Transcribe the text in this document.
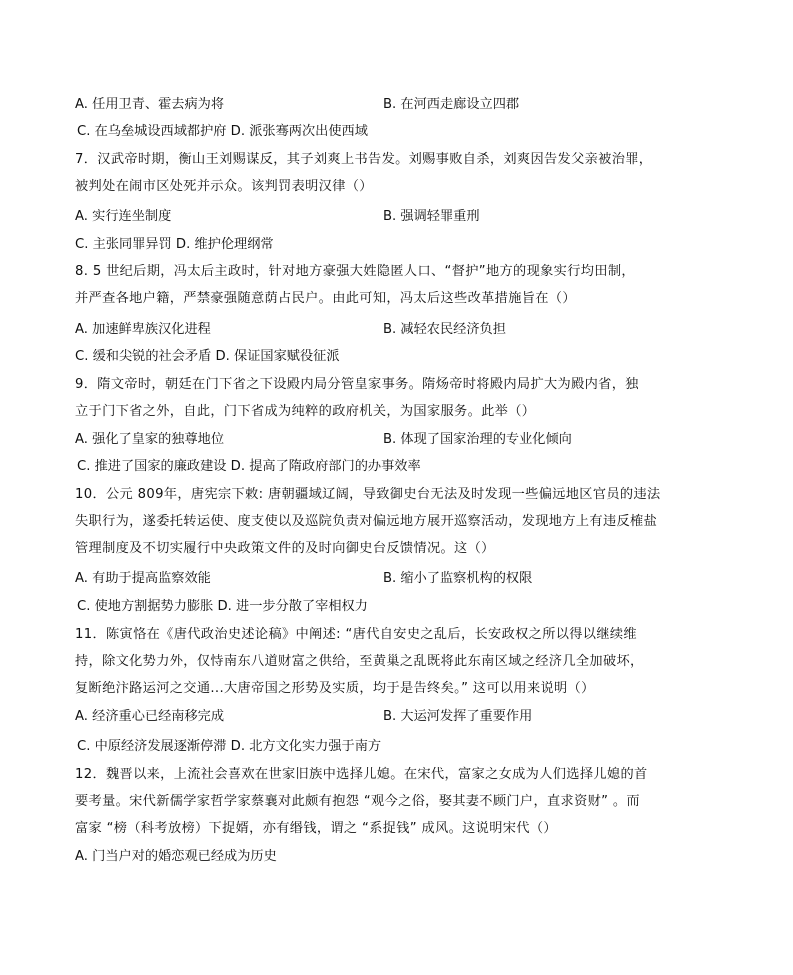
A. 任用卫青、霍去病为将	B. 在河西走廊设立四郡
C. 在乌垒城设西域都护府 D. 派张骞两次出使西域
7．汉武帝时期，衡山王刘赐谋反，其子刘爽上书告发。刘赐事败自杀，刘爽因告发父亲被治罪，
被判处在闹市区处死并示众。该判罚表明汉律（）
A. 实行连坐制度	B. 强调轻罪重刑
C. 主张同罪异罚 D. 维护伦理纲常
8. 5 世纪后期，冯太后主政时，针对地方豪强大姓隐匿人口、“督护”地方的现象实行均田制，
并严查各地户籍，严禁豪强随意荫占民户。由此可知，冯太后这些改革措施旨在（）
A. 加速鲜卑族汉化进程	B. 减轻农民经济负担
C. 缓和尖锐的社会矛盾 D. 保证国家赋役征派
9．隋文帝时，朝廷在门下省之下设殿内局分管皇家事务。隋炀帝时将殿内局扩大为殿内省，独
立于门下省之外，自此，门下省成为纯粹的政府机关，为国家服务。此举（）
A. 强化了皇家的独尊地位	B. 体现了国家治理的专业化倾向
C. 推进了国家的廉政建设 D. 提高了隋政府部门的办事效率
10．公元 809年，唐宪宗下敕: 唐朝疆域辽阔，导致御史台无法及时发现一些偏远地区官员的违法
失职行为，遂委托转运使、度支使以及巡院负责对偏远地方展开巡察活动，发现地方上有违反榷盐
管理制度及不切实履行中央政策文件的及时向御史台反馈情况。这（）
A. 有助于提高监察效能	B. 缩小了监察机构的权限
C. 使地方割据势力膨胀 D. 进一步分散了宰相权力
11．陈寅恪在《唐代政治史述论稿》中阐述: “唐代自安史之乱后，长安政权之所以得以继续维
持，除文化势力外，仅恃南东八道财富之供给，至黄巢之乱既将此东南区域之经济几全加破坏，
复断绝汴路运河之交通...大唐帝国之形势及实质，均于是告终矣。” 这可以用来说明（）
A. 经济重心已经南移完成	B. 大运河发挥了重要作用
C. 中原经济发展逐渐停滞 D. 北方文化实力强于南方
12．魏晋以来，上流社会喜欢在世家旧族中选择儿媳。在宋代，富家之女成为人们选择儿媳的首
要考量。宋代新儒学家哲学家蔡襄对此颇有抱怨 “观今之俗，娶其妻不顾门户，直求资财” 。而
富家 “榜（科考放榜）下捉婿，亦有缗钱，谓之 “系捉钱” 成风。这说明宋代（）
A. 门当户对的婚恋观已经成为历史
